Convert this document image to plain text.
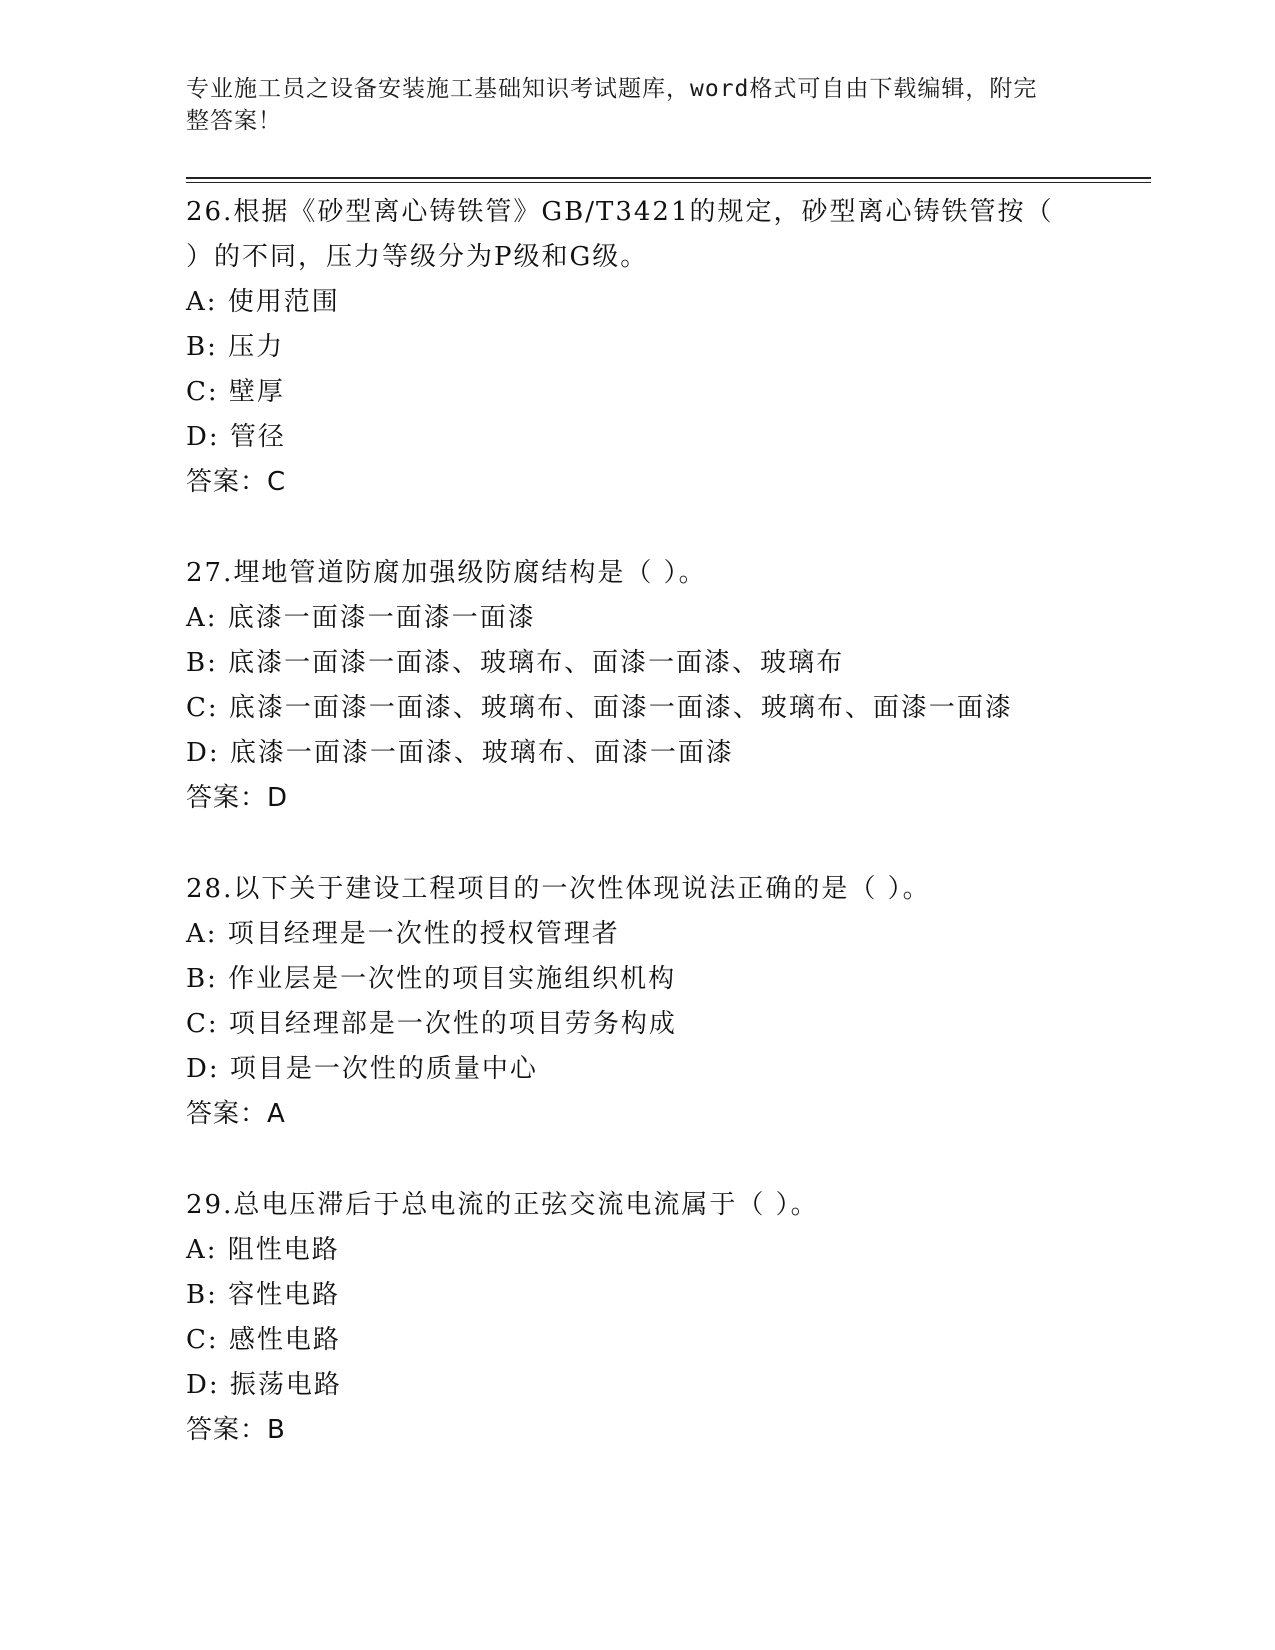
专业施工员之设备安装施工基础知识考试题库，word格式可自由下载编辑，附完
整答案！
26.根据《砂型离心铸铁管》GB/T3421的规定，砂型离心铸铁管按（
）的不同，压力等级分为P级和G级。
A: 使用范围
B: 压力
C: 壁厚
D: 管径
答案：C
27.埋地管道防腐加强级防腐结构是（ ）。
A: 底漆一面漆一面漆一面漆
B: 底漆一面漆一面漆、玻璃布、面漆一面漆、玻璃布
C: 底漆一面漆一面漆、玻璃布、面漆一面漆、玻璃布、面漆一面漆
D: 底漆一面漆一面漆、玻璃布、面漆一面漆
答案：D
28.以下关于建设工程项目的一次性体现说法正确的是（ ）。
A: 项目经理是一次性的授权管理者
B: 作业层是一次性的项目实施组织机构
C: 项目经理部是一次性的项目劳务构成
D: 项目是一次性的质量中心
答案：A
29.总电压滞后于总电流的正弦交流电流属于（ ）。
A: 阻性电路
B: 容性电路
C: 感性电路
D: 振荡电路
答案：B
